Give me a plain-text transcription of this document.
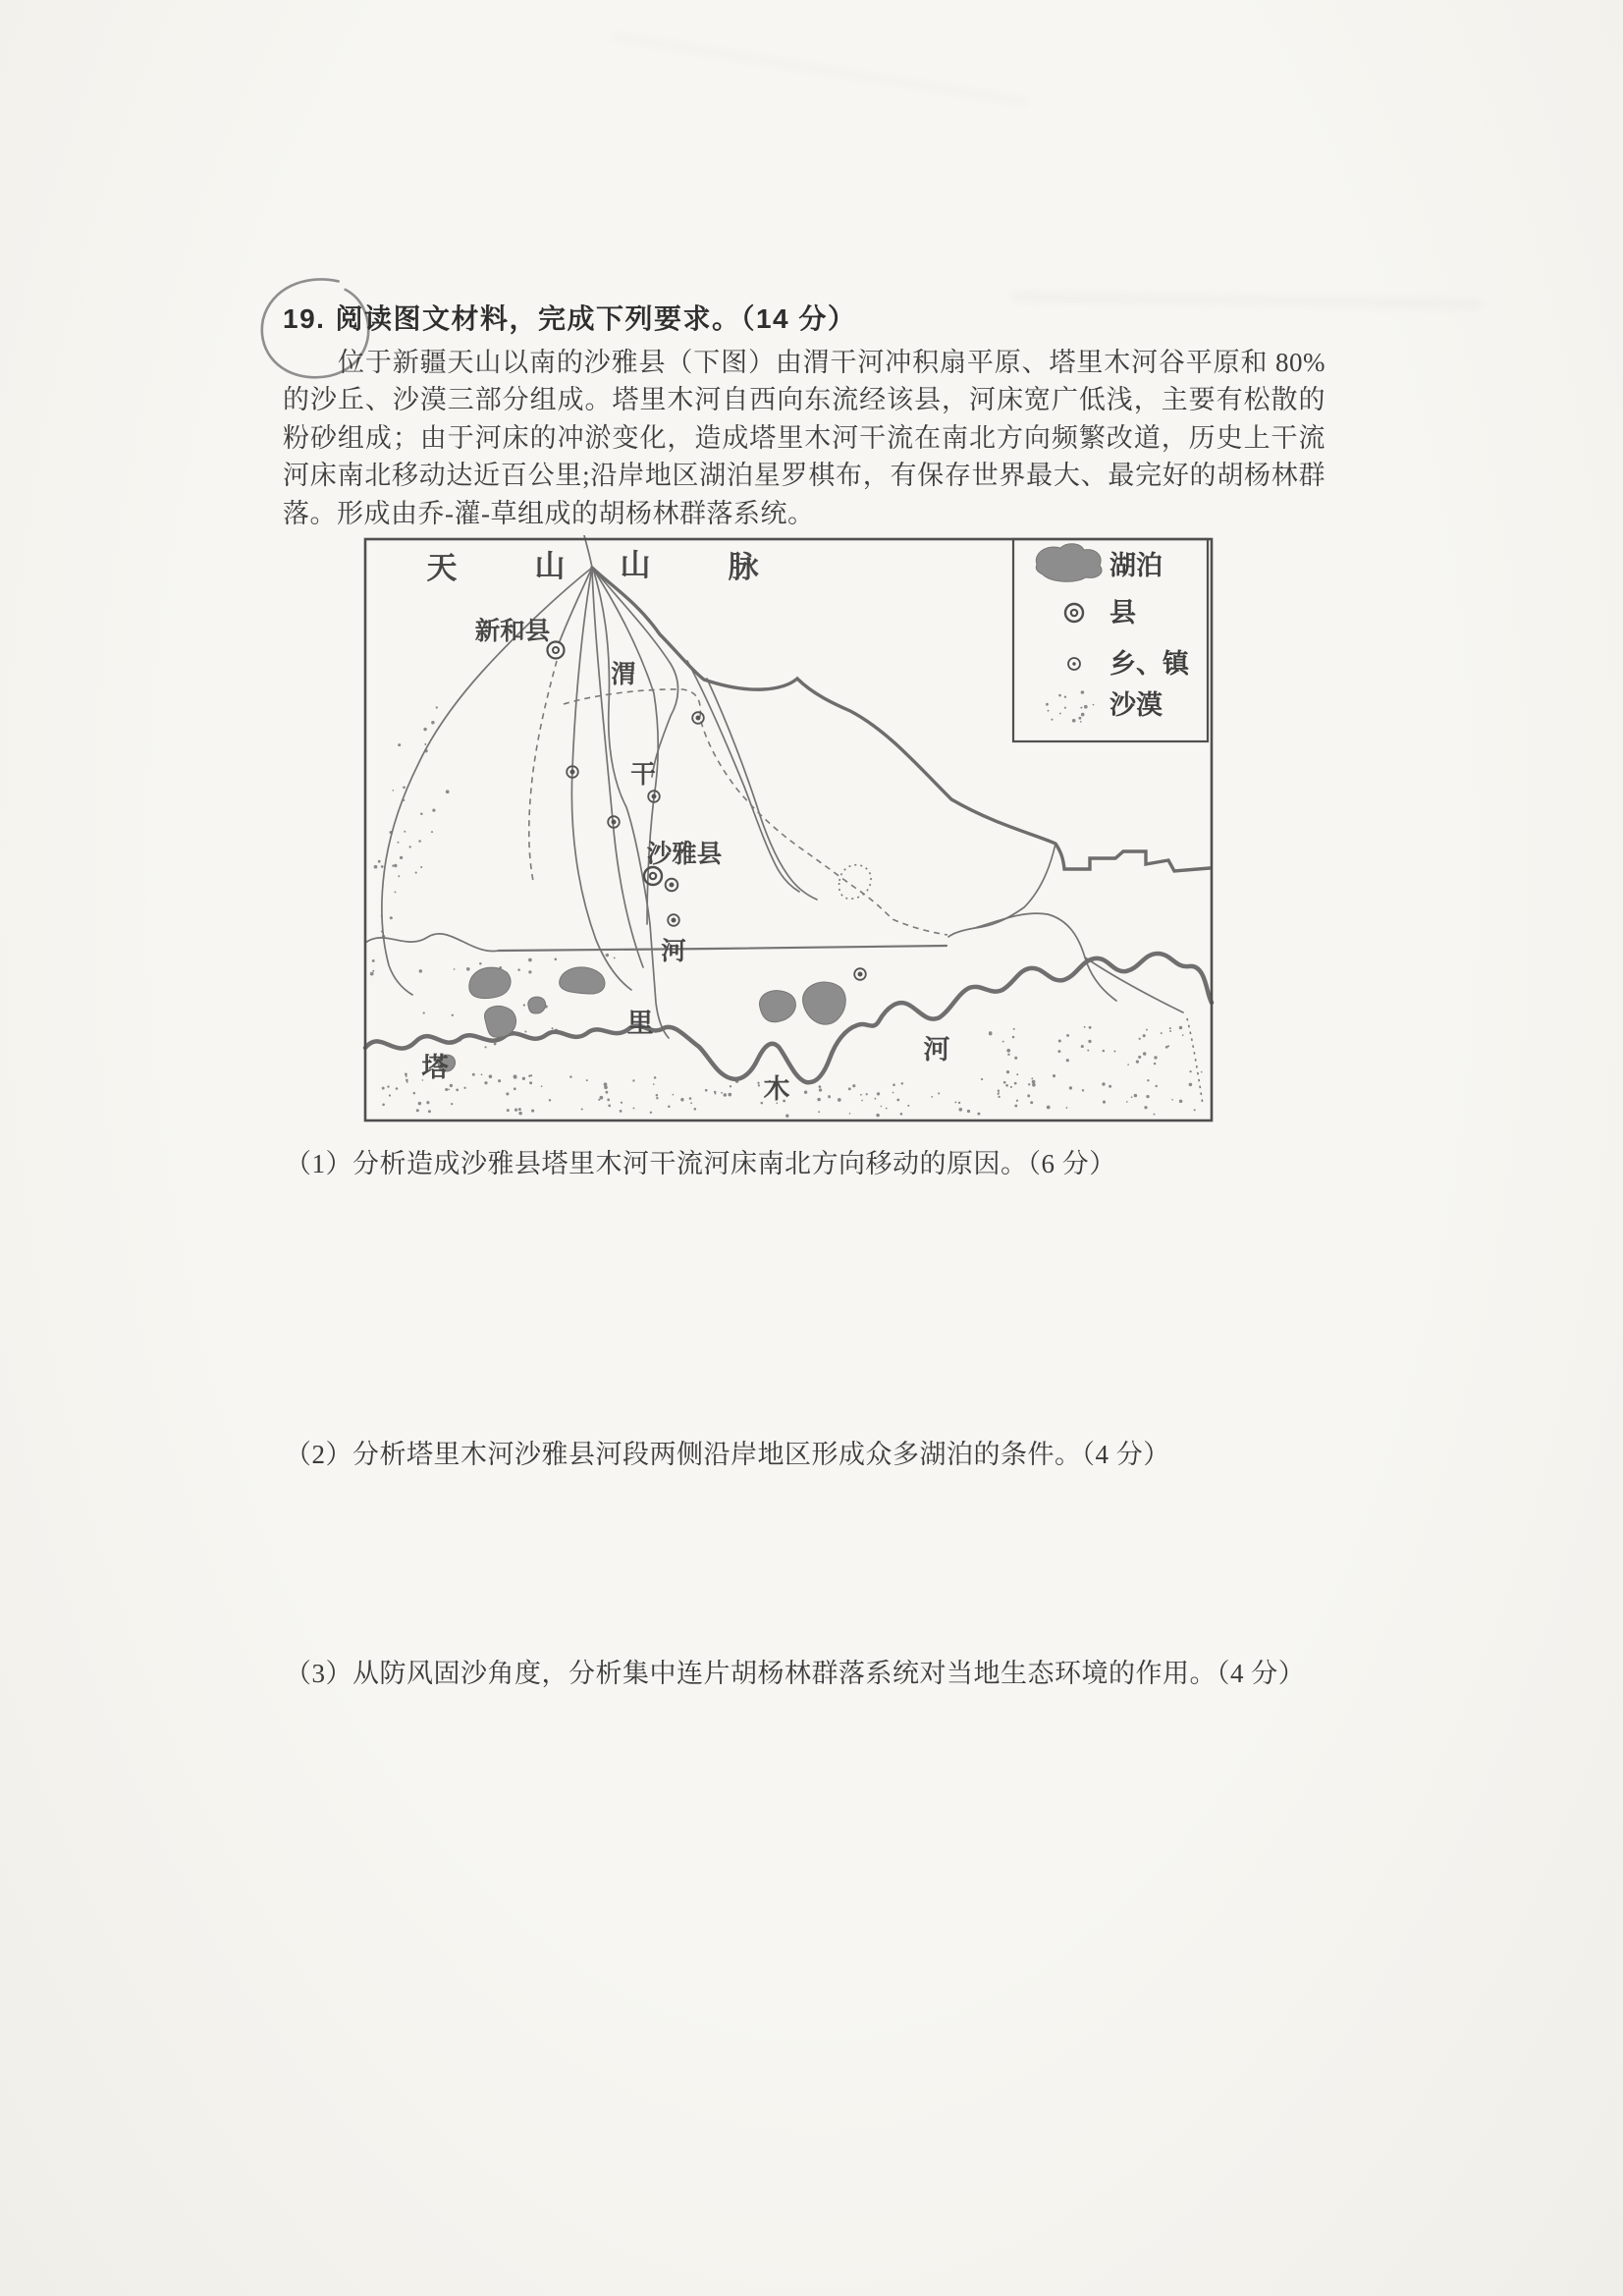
19. 阅读图文材料，完成下列要求。（14 分）

位于新疆天山以南的沙雅县（下图）由渭干河冲积扇平原、塔里木河谷平原和 80%的沙丘、沙漠三部分组成。塔里木河自西向东流经该县，河床宽广低浅，主要有松散的粉砂组成；由于河床的冲淤变化，造成塔里木河干流在南北方向频繁改道，历史上干流河床南北移动达近百公里;沿岸地区湖泊星罗棋布，有保存世界最大、最完好的胡杨林群落。形成由乔-灌-草组成的胡杨林群落系统。

天	山 山	脉
新和县
渭
干
河
沙雅县
塔
里
木
河
湖泊
县
乡、镇
沙漠
（1）分析造成沙雅县塔里木河干流河床南北方向移动的原因。（6 分）
（2）分析塔里木河沙雅县河段两侧沿岸地区形成众多湖泊的条件。（4 分）
（3）从防风固沙角度，分析集中连片胡杨林群落系统对当地生态环境的作用。（4 分）
